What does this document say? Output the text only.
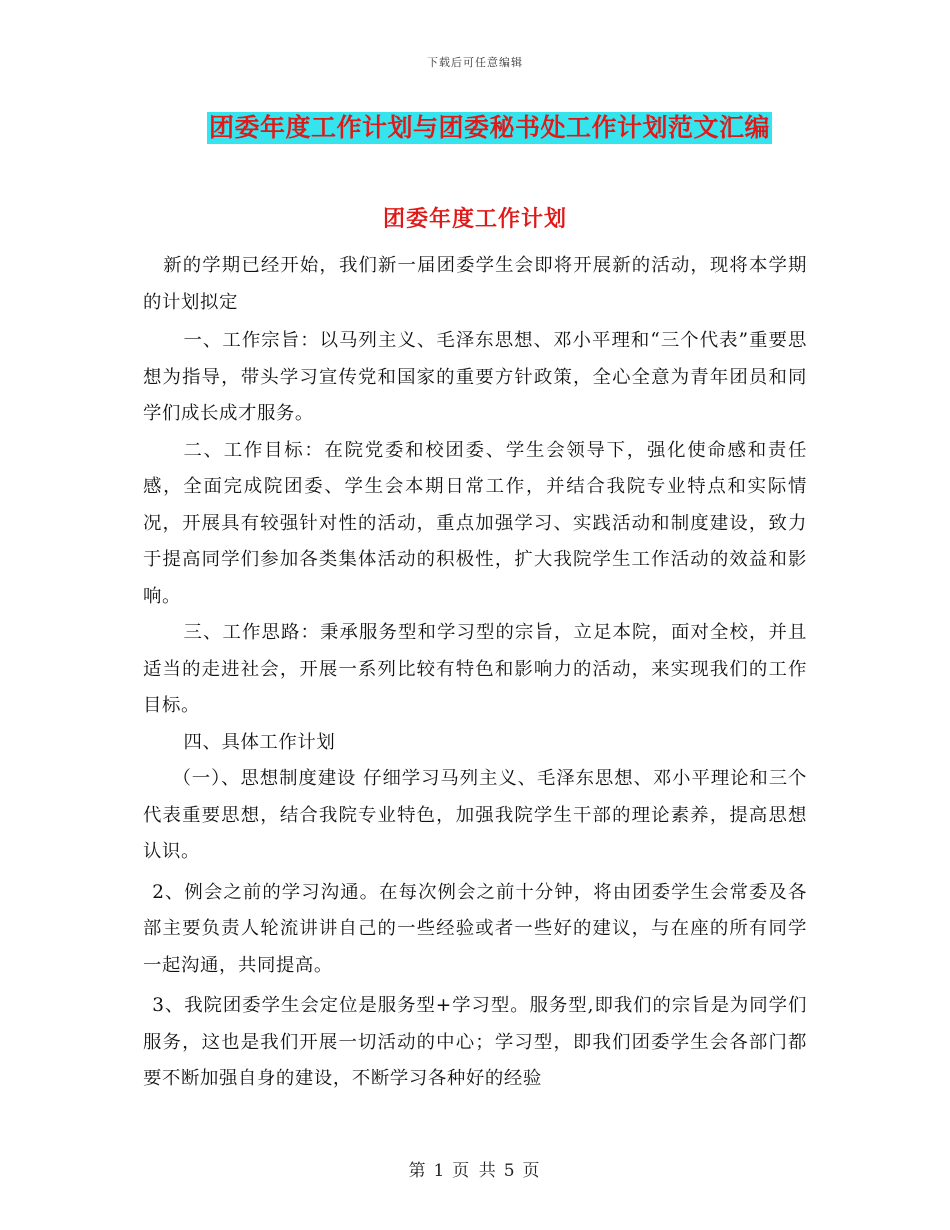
下载后可任意编辑
团委年度工作计划与团委秘书处工作计划范文汇编
团委年度工作计划

新的学期已经开始，我们新一届团委学生会即将开展新的活动，现将本学期的计划拟定

一、工作宗旨：以马列主义、毛泽东思想、邓小平理和“三个代表”重要思想为指导，带头学习宣传党和国家的重要方针政策，全心全意为青年团员和同学们成长成才服务。

二、工作目标：在院党委和校团委、学生会领导下，强化使命感和责任感，全面完成院团委、学生会本期日常工作，并结合我院专业特点和实际情况，开展具有较强针对性的活动，重点加强学习、实践活动和制度建设，致力于提高同学们参加各类集体活动的积极性，扩大我院学生工作活动的效益和影响。

三、工作思路：秉承服务型和学习型的宗旨，立足本院，面对全校，并且适当的走进社会，开展一系列比较有特色和影响力的活动，来实现我们的工作目标。

四、具体工作计划

（一）、思想制度建设 仔细学习马列主义、毛泽东思想、邓小平理论和三个代表重要思想，结合我院专业特色，加强我院学生干部的理论素养，提高思想认识。

2、例会之前的学习沟通。在每次例会之前十分钟，将由团委学生会常委及各部主要负责人轮流讲讲自己的一些经验或者一些好的建议，与在座的所有同学一起沟通，共同提高。

3、我院团委学生会定位是服务型+学习型。服务型,即我们的宗旨是为同学们服务，这也是我们开展一切活动的中心；学习型，即我们团委学生会各部门都要不断加强自身的建设，不断学习各种好的经验

第 1 页 共 5 页
